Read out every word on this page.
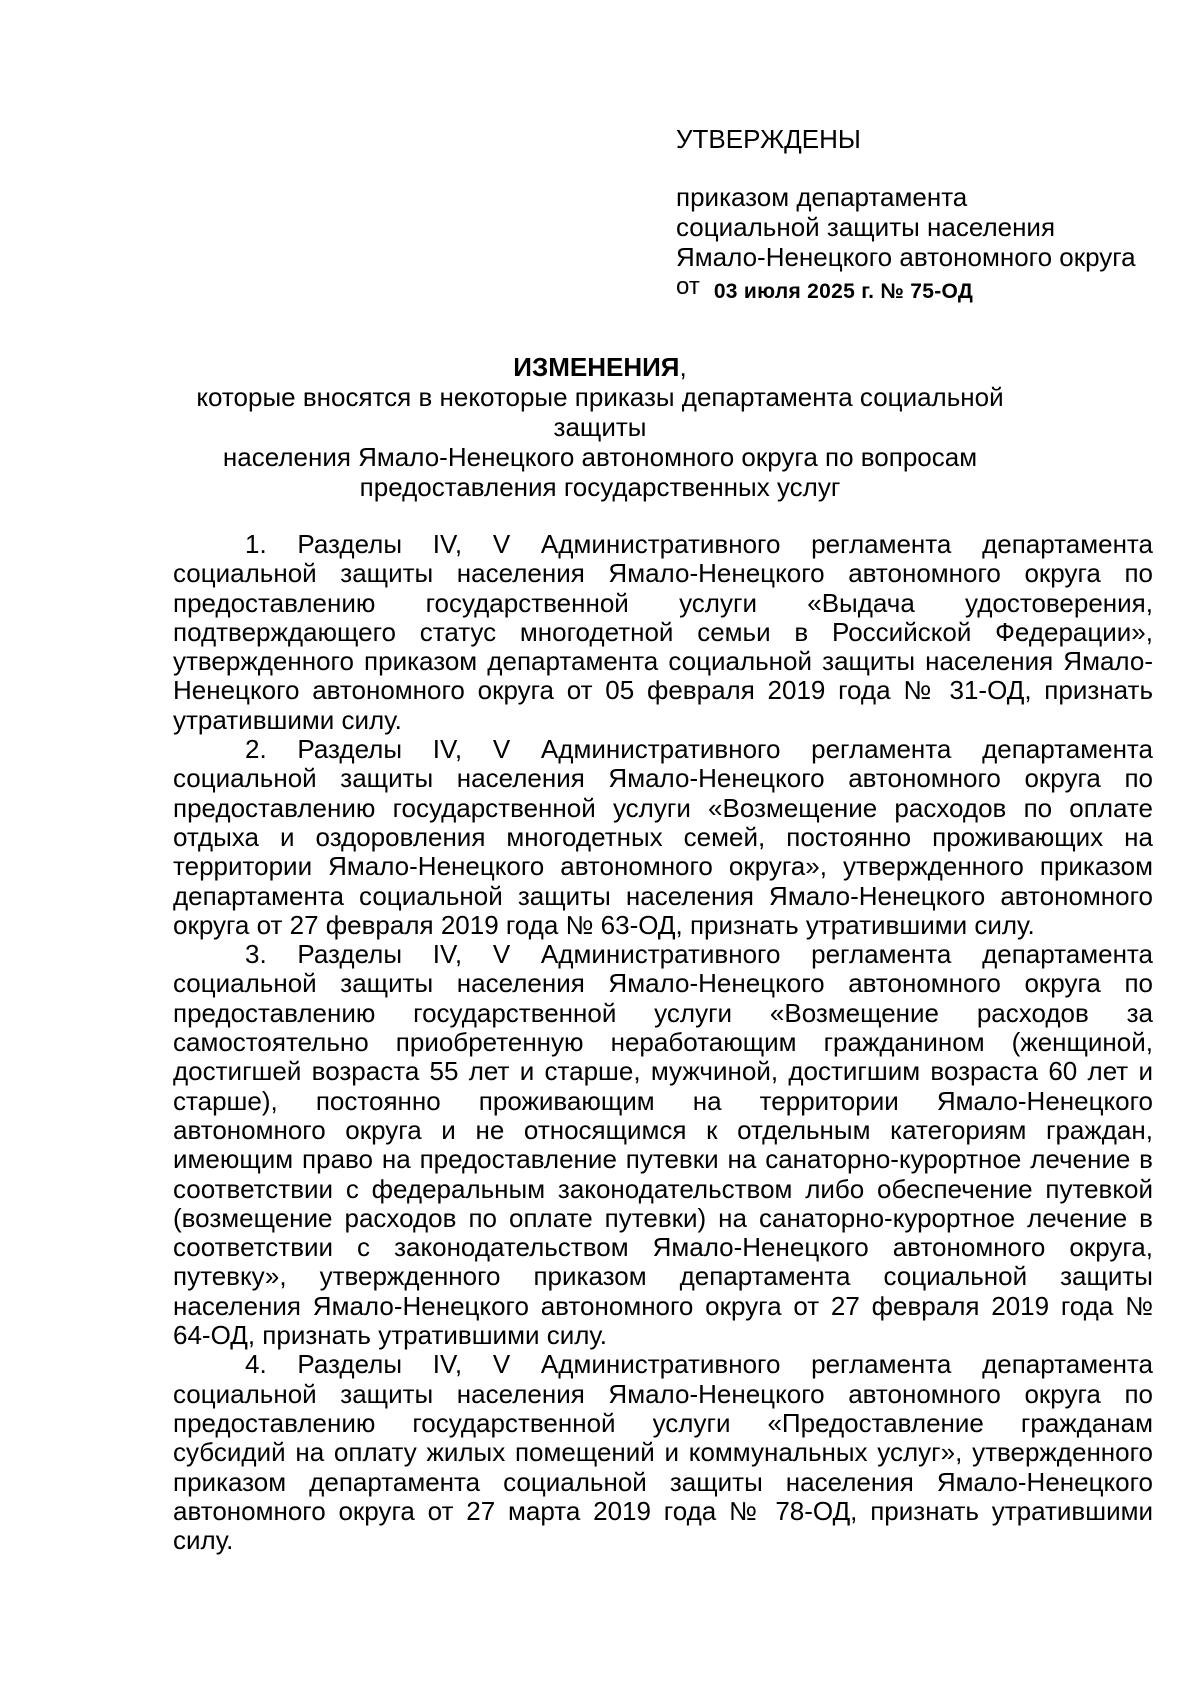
УТВЕРЖДЕНЫ
приказом департамента
социальной защиты населения
Ямало-Ненецкого автономного округа
от 03 июля 2025 г. № 75-ОД
ИЗМЕНЕНИЯ,
которые вносятся в некоторые приказы департамента социальной защиты
населения Ямало-Ненецкого автономного округа по вопросам
предоставления государственных услуг

1. Разделы IV, V Административного регламента департамента социальной защиты населения Ямало-Ненецкого автономного округа по предоставлению государственной услуги «Выдача удостоверения, подтверждающего статус многодетной семьи в Российской Федерации», утвержденного приказом департамента социальной защиты населения Ямало-Ненецкого автономного округа от 05 февраля 2019 года № 31-ОД, признать утратившими силу.

2. Разделы IV, V Административного регламента департамента социальной защиты населения Ямало-Ненецкого автономного округа по предоставлению государственной услуги «Возмещение расходов по оплате отдыха и оздоровления многодетных семей, постоянно проживающих на территории Ямало-Ненецкого автономного округа», утвержденного приказом департамента социальной защиты населения Ямало-Ненецкого автономного округа от 27 февраля 2019 года № 63-ОД, признать утратившими силу.

3. Разделы IV, V Административного регламента департамента социальной защиты населения Ямало-Ненецкого автономного округа по предоставлению государственной услуги «Возмещение расходов за самостоятельно приобретенную неработающим гражданином (женщиной, достигшей возраста 55 лет и старше, мужчиной, достигшим возраста 60 лет и старше), постоянно проживающим на территории Ямало-Ненецкого автономного округа и не относящимся к отдельным категориям граждан, имеющим право на предоставление путевки на санаторно-курортное лечение в соответствии с федеральным законодательством либо обеспечение путевкой (возмещение расходов по оплате путевки) на санаторно-курортное лечение в соответствии с законодательством Ямало-Ненецкого автономного округа, путевку», утвержденного приказом департамента социальной защиты населения Ямало-Ненецкого автономного округа от 27 февраля 2019 года № 64-ОД, признать утратившими силу.

4. Разделы IV, V Административного регламента департамента социальной защиты населения Ямало-Ненецкого автономного округа по предоставлению государственной услуги «Предоставление гражданам субсидий на оплату жилых помещений и коммунальных услуг», утвержденного приказом департамента социальной защиты населения Ямало-Ненецкого автономного округа от 27 марта 2019 года № 78-ОД, признать утратившими силу.
